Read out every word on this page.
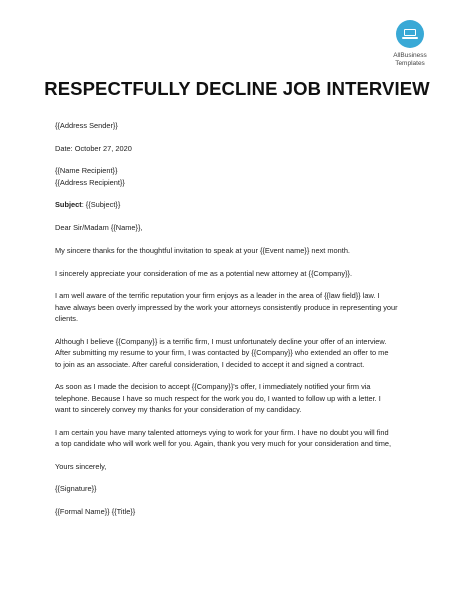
AllBusiness
Templates
RESPECTFULLY DECLINE JOB INTERVIEW

{{Address Sender}}

Date: October 27, 2020

{{Name Recipient}}

{{Address Recipient}}

Subject: {{Subject}}

Dear Sir/Madam {{Name}},

My sincere thanks for the thoughtful invitation to speak at your {{Event name}} next month.

I sincerely appreciate your consideration of me as a potential new attorney at {{Company}}.

I am well aware of the terrific reputation your firm enjoys as a leader in the area of {{law field}} law. I

have always been overly impressed by the work your attorneys consistently produce in representing your

clients.

Although I believe {{Company}} is a terrific firm, I must unfortunately decline your offer of an interview.

After submitting my resume to your firm, I was contacted by {{Company}} who extended an offer to me

to join as an associate. After careful consideration, I decided to accept it and signed a contract.

As soon as I made the decision to accept {{Company}}'s offer, I immediately notified your firm via

telephone. Because I have so much respect for the work you do, I wanted to follow up with a letter. I

want to sincerely convey my thanks for your consideration of my candidacy.

I am certain you have many talented attorneys vying to work for your firm. I have no doubt you will find

a top candidate who will work well for you. Again, thank you very much for your consideration and time,

Yours sincerely,

{{Signature}}

{{Formal Name}} {{Title}}
